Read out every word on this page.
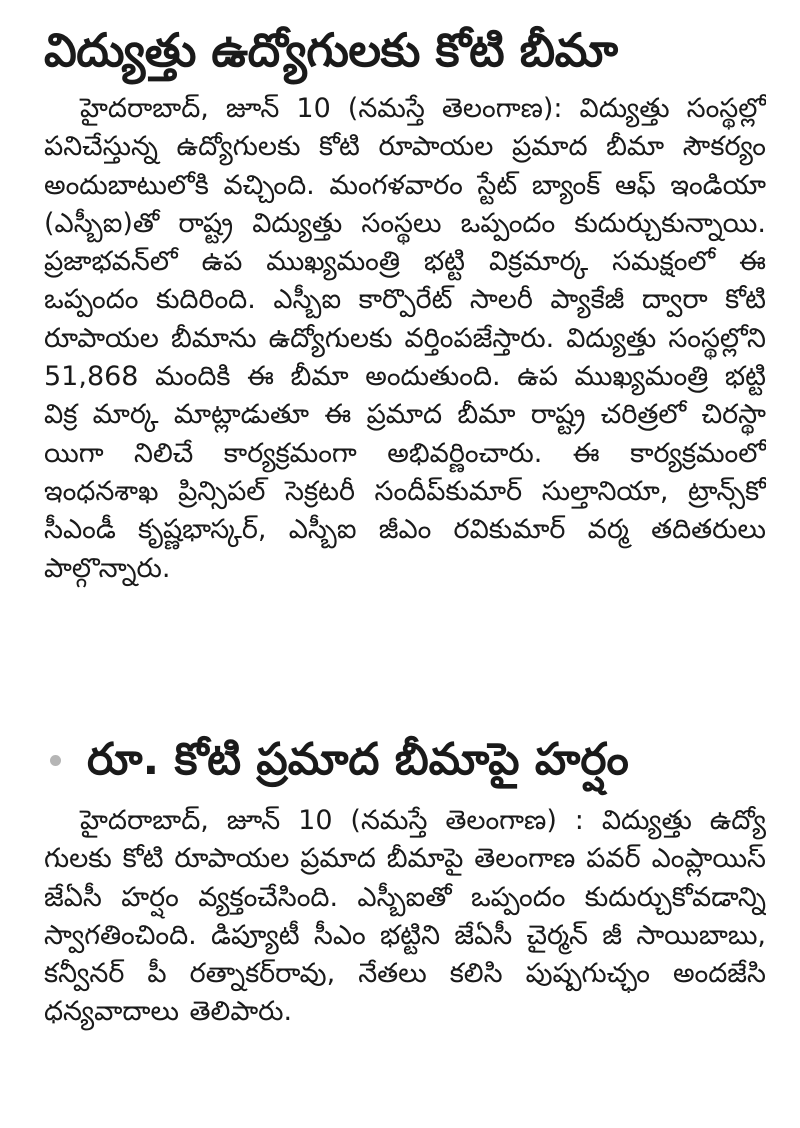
విద్యుత్తు ఉద్యోగులకు కోటి బీమా

హైదరాబాద్, జూన్ 10 (నమస్తే తెలంగాణ): విద్యుత్తు సంస్థల్లో పనిచేస్తున్న ఉద్యోగులకు కోటి రూపాయల ప్రమాద బీమా సౌకర్యం అందుబాటులోకి వచ్చింది. మంగళవారం స్టేట్ బ్యాంక్ ఆఫ్ ఇండియా (ఎస్బీఐ)తో రాష్ట్ర విద్యుత్తు సంస్థలు ఒప్పందం కుదుర్చుకున్నాయి. ప్రజాభవన్‌లో ఉప ముఖ్యమంత్రి భట్టి విక్రమార్క సమక్షంలో ఈ ఒప్పందం కుదిరింది. ఎస్బీఐ కార్పొరేట్ సాలరీ ప్యాకేజీ ద్వారా కోటి రూపాయల బీమాను ఉద్యోగులకు వర్తింపజేస్తారు. విద్యుత్తు సంస్థల్లోని 51,868 మందికి ఈ బీమా అందుతుంది. ఉప ముఖ్యమంత్రి భట్టి విక్ర మార్క మాట్లాడుతూ ఈ ప్రమాద బీమా రాష్ట్ర చరిత్రలో చిరస్థా యిగా నిలిచే కార్యక్రమంగా అభివర్ణించారు. ఈ కార్యక్రమంలో ఇంధనశాఖ ప్రిన్సిపల్ సెక్రటరీ సందీప్‌కుమార్ సుల్తానియా, ట్రాన్స్‌కో సీఎండీ కృష్ణభాస్కర్, ఎస్బీఐ జీఎం రవికుమార్ వర్మ తదితరులు పాల్గొన్నారు.

రూ. కోటి ప్రమాద బీమాపై హర్షం

హైదరాబాద్, జూన్ 10 (నమస్తే తెలంగాణ) : విద్యుత్తు ఉద్యో గులకు కోటి రూపాయల ప్రమాద బీమాపై తెలంగాణ పవర్ ఎంప్లాయిస్ జేఏసీ హర్షం వ్యక్తంచేసింది. ఎస్బీఐతో ఒప్పందం కుదుర్చుకోవడాన్ని స్వాగతించింది. డిప్యూటీ సీఎం భట్టిని జేఏసీ చైర్మన్ జీ సాయిబాబు, కన్వీనర్ పీ రత్నాకర్‌రావు, నేతలు కలిసి పుష్పగుచ్ఛం అందజేసి ధన్యవాదాలు తెలిపారు.
